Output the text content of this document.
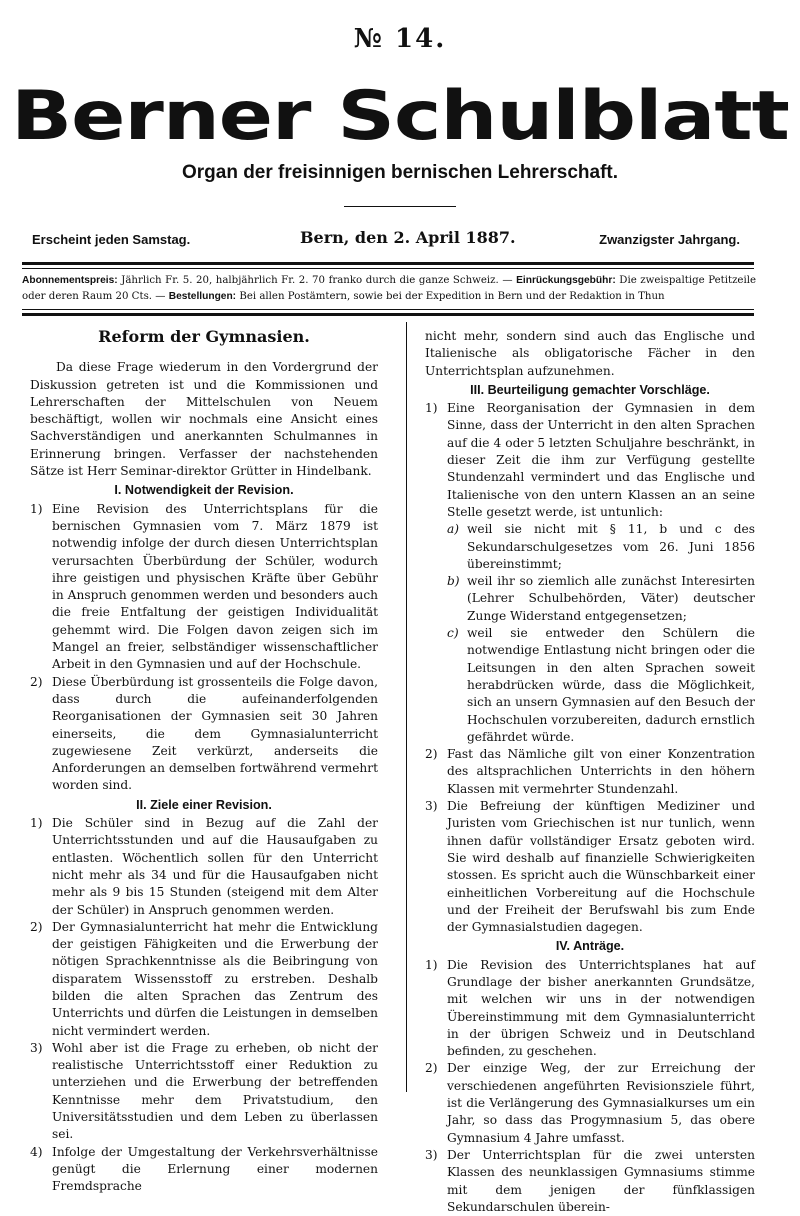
№ 14.
Berner Schulblatt
Organ der freisinnigen bernischen Lehrerschaft.
Erscheint jeden Samstag.	Bern, den 2. April 1887.	Zwanzigster Jahrgang.
Abonnementspreis: Jährlich Fr. 5. 20, halbjährlich Fr. 2. 70 franko durch die ganze Schweiz. — Einrückungsgebühr: Die zweispaltige Petitzeile oder deren Raum 20 Cts. — Bestellungen: Bei allen Postämtern, sowie bei der Expedition in Bern und der Redaktion in Thun

Reform der Gymnasien.

Da diese Frage wiederum in den Vordergrund der Diskussion getreten ist und die Kommissionen und Lehrerschaften der Mittelschulen von Neuem beschäftigt, wollen wir nochmals eine Ansicht eines Sachverständigen und anerkannten Schulmannes in Erinnerung bringen. Verfasser der nachstehenden Sätze ist Herr Seminar-direktor Grütter in Hindelbank.

I. Notwendigkeit der Revision.

1) Eine Revision des Unterrichtsplans für die bernischen Gymnasien vom 7. März 1879 ist notwendig infolge der durch diesen Unterrichtsplan verursachten Überbürdung der Schüler, wodurch ihre geistigen und physischen Kräfte über Gebühr in Anspruch genommen werden und besonders auch die freie Entfaltung der geistigen Individualität gehemmt wird. Die Folgen davon zeigen sich im Mangel an freier, selbständiger wissenschaftlicher Arbeit in den Gymnasien und auf der Hochschule.
2) Diese Überbürdung ist grossenteils die Folge davon, dass durch die aufeinanderfolgenden Reorganisationen der Gymnasien seit 30 Jahren einerseits, die dem Gymnasialunterricht zugewiesene Zeit verkürzt, anderseits die Anforderungen an demselben fortwährend vermehrt worden sind.

II. Ziele einer Revision.

1) Die Schüler sind in Bezug auf die Zahl der Unterrichtsstunden und auf die Hausaufgaben zu entlasten. Wöchentlich sollen für den Unterricht nicht mehr als 34 und für die Hausaufgaben nicht mehr als 9 bis 15 Stunden (steigend mit dem Alter der Schüler) in Anspruch genommen werden.
2) Der Gymnasialunterricht hat mehr die Entwicklung der geistigen Fähigkeiten und die Erwerbung der nötigen Sprachkenntnisse als die Beibringung von disparatem Wissensstoff zu erstreben. Deshalb bilden die alten Sprachen das Zentrum des Unterrichts und dürfen die Leistungen in demselben nicht vermindert werden.
3) Wohl aber ist die Frage zu erheben, ob nicht der realistische Unterrichtsstoff einer Reduktion zu unterziehen und die Erwerbung der betreffenden Kenntnisse mehr dem Privatstudium, den Universitätsstudien und dem Leben zu überlassen sei.
4) Infolge der Umgestaltung der Verkehrsverhältnisse genügt die Erlernung einer modernen Fremdsprache

nicht mehr, sondern sind auch das Englische und Italienische als obligatorische Fächer in den Unterrichtsplan aufzunehmen.

III. Beurteiligung gemachter Vorschläge.

1) Eine Reorganisation der Gymnasien in dem Sinne, dass der Unterricht in den alten Sprachen auf die 4 oder 5 letzten Schuljahre beschränkt, in dieser Zeit die ihm zur Verfügung gestellte Stundenzahl vermindert und das Englische und Italienische von den untern Klassen an an seine Stelle gesetzt werde, ist untunlich:
a) weil sie nicht mit § 11, b und c des Sekundarschulgesetzes vom 26. Juni 1856 übereinstimmt;
b) weil ihr so ziemlich alle zunächst Interesirten (Lehrer Schulbehörden, Väter) deutscher Zunge Widerstand entgegensetzen;
c) weil sie entweder den Schülern die notwendige Entlastung nicht bringen oder die Leitsungen in den alten Sprachen soweit herabdrücken würde, dass die Möglichkeit, sich an unsern Gymnasien auf den Besuch der Hochschulen vorzubereiten, dadurch ernstlich gefährdet würde.
2) Fast das Nämliche gilt von einer Konzentration des altsprachlichen Unterrichts in den höhern Klassen mit vermehrter Stundenzahl.
3) Die Befreiung der künftigen Mediziner und Juristen vom Griechischen ist nur tunlich, wenn ihnen dafür vollständiger Ersatz geboten wird. Sie wird deshalb auf finanzielle Schwierigkeiten stossen. Es spricht auch die Wünschbarkeit einer einheitlichen Vorbereitung auf die Hochschule und der Freiheit der Berufswahl bis zum Ende der Gymnasialstudien dagegen.

IV. Anträge.

1) Die Revision des Unterrichtsplanes hat auf Grundlage der bisher anerkannten Grundsätze, mit welchen wir uns in der notwendigen Übereinstimmung mit dem Gymnasialunterricht in der übrigen Schweiz und in Deutschland befinden, zu geschehen.
2) Der einzige Weg, der zur Erreichung der verschiedenen angeführten Revisionsziele führt, ist die Verlängerung des Gymnasialkurses um ein Jahr, so dass das Progymnasium 5, das obere Gymnasium 4 Jahre umfasst.
3) Der Unterrichtsplan für die zwei untersten Klassen des neunklassigen Gymnasiums stimme mit dem jenigen der fünfklassigen Sekundarschulen überein-
